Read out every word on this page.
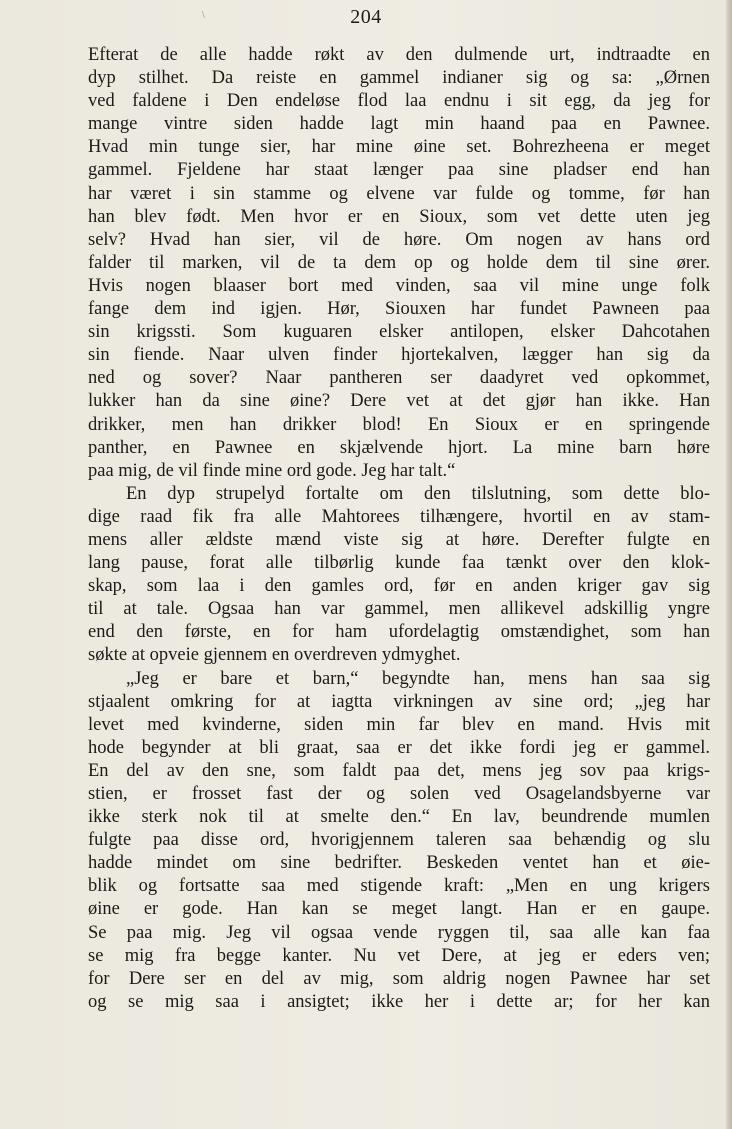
\	204
Efterat de alle hadde røkt av den dulmende urt, indtraadte en
dyp stilhet. Da reiste en gammel indianer sig og sa: „Ørnen
ved faldene i Den endeløse flod laa endnu i sit egg, da jeg for
mange vintre siden hadde lagt min haand paa en Pawnee.
Hvad min tunge sier, har mine øine set. Bohrezheena er meget
gammel. Fjeldene har staat længer paa sine pladser end han
har været i sin stamme og elvene var fulde og tomme, før han
han blev født. Men hvor er en Sioux, som vet dette uten jeg
selv? Hvad han sier, vil de høre. Om nogen av hans ord
falder til marken, vil de ta dem op og holde dem til sine ører.
Hvis nogen blaaser bort med vinden, saa vil mine unge folk
fange dem ind igjen. Hør, Siouxen har fundet Pawneen paa
sin krigssti. Som kuguaren elsker antilopen, elsker Dahcotahen
sin fiende. Naar ulven finder hjortekalven, lægger han sig da
ned og sover? Naar pantheren ser daadyret ved opkommet,
lukker han da sine øine? Dere vet at det gjør han ikke. Han
drikker, men han drikker blod! En Sioux er en springende
panther, en Pawnee en skjælvende hjort. La mine barn høre
paa mig, de vil finde mine ord gode. Jeg har talt.“
En dyp strupelyd fortalte om den tilslutning, som dette blo-
dige raad fik fra alle Mahtorees tilhængere, hvortil en av stam-
mens aller ældste mænd viste sig at høre. Derefter fulgte en
lang pause, forat alle tilbørlig kunde faa tænkt over den klok-
skap, som laa i den gamles ord, før en anden kriger gav sig
til at tale. Ogsaa han var gammel, men allikevel adskillig yngre
end den første, en for ham ufordelagtig omstændighet, som han
søkte at opveie gjennem en overdreven ydmyghet.
„Jeg er bare et barn,“ begyndte han, mens han saa sig
stjaalent omkring for at iagtta virkningen av sine ord; „jeg har
levet med kvinderne, siden min far blev en mand. Hvis mit
hode begynder at bli graat, saa er det ikke fordi jeg er gammel.
En del av den sne, som faldt paa det, mens jeg sov paa krigs-
stien, er frosset fast der og solen ved Osagelandsbyerne var
ikke sterk nok til at smelte den.“ En lav, beundrende mumlen
fulgte paa disse ord, hvorigjennem taleren saa behændig og slu
hadde mindet om sine bedrifter. Beskeden ventet han et øie-
blik og fortsatte saa med stigende kraft: „Men en ung krigers
øine er gode. Han kan se meget langt. Han er en gaupe.
Se paa mig. Jeg vil ogsaa vende ryggen til, saa alle kan faa
se mig fra begge kanter. Nu vet Dere, at jeg er eders ven;
for Dere ser en del av mig, som aldrig nogen Pawnee har set
og se mig saa i ansigtet; ikke her i dette ar; for her kan
